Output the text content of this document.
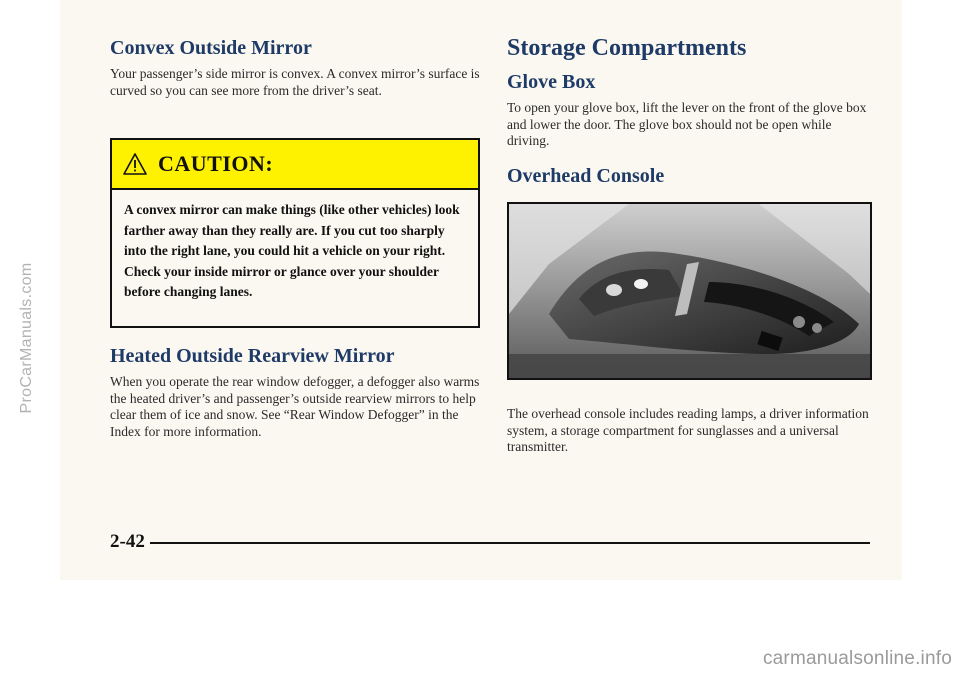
ProCarManuals.com
Convex Outside Mirror

Your passenger’s side mirror is convex. A convex mirror’s surface is curved so you can see more from the driver’s seat.

CAUTION:
A convex mirror can make things (like other vehicles) look farther away than they really are. If you cut too sharply into the right lane, you could hit a vehicle on your right. Check your inside mirror or glance over your shoulder before changing lanes.
Heated Outside Rearview Mirror

When you operate the rear window defogger, a defogger also warms the heated driver’s and passenger’s outside rearview mirrors to help clear them of ice and snow. See “Rear Window Defogger” in the Index for more information.

Storage Compartments
Glove Box

To open your glove box, lift the lever on the front of the glove box and lower the door. The glove box should not be open while driving.

Overhead Console

The overhead console includes reading lamps, a driver information system, a storage compartment for sunglasses and a universal transmitter.

2-42
carmanualsonline.info
